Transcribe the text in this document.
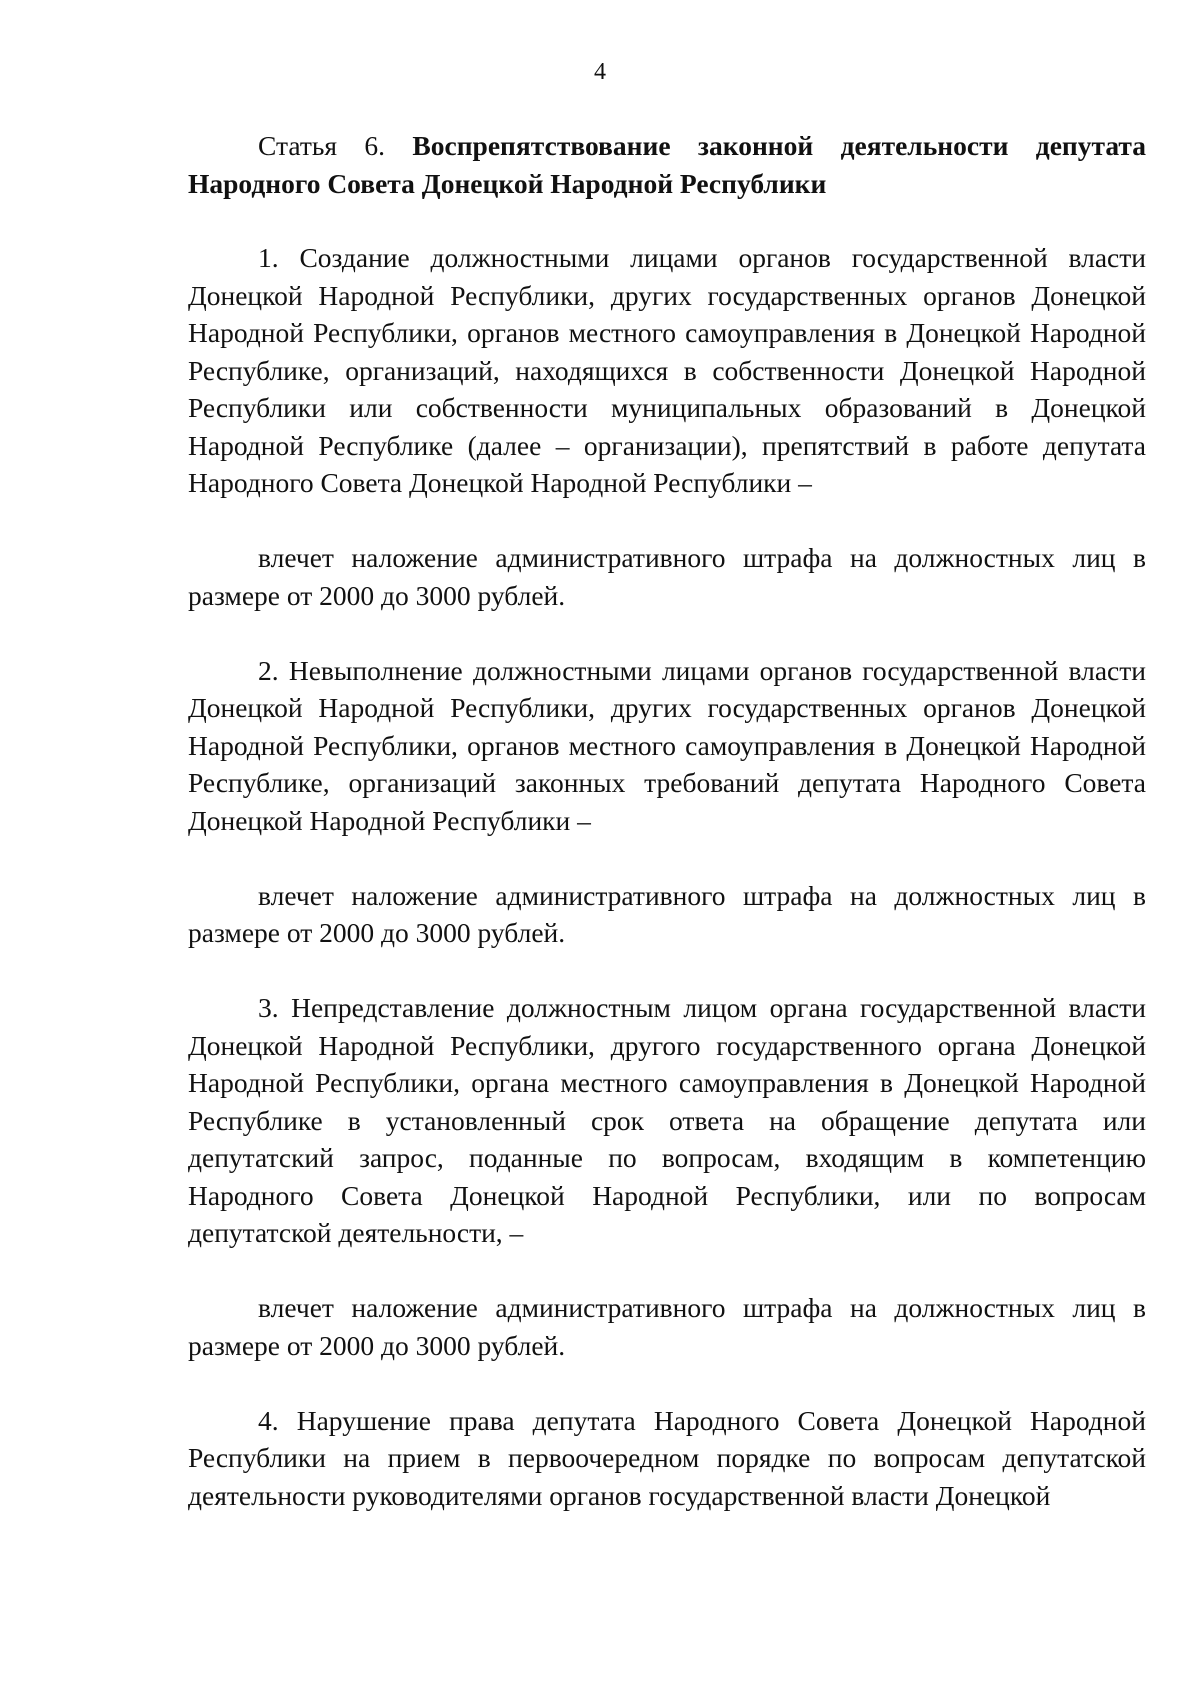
4

Статья 6. Воспрепятствование законной деятельности депутата Народного Совета Донецкой Народной Республики

1. Создание должностными лицами органов государственной власти Донецкой Народной Республики, других государственных органов Донецкой Народной Республики, органов местного самоуправления в Донецкой Народной Республике, организаций, находящихся в собственности Донецкой Народной Республики или собственности муниципальных образований в Донецкой Народной Республике (далее – организации), препятствий в работе депутата Народного Совета Донецкой Народной Республики –

влечет наложение административного штрафа на должностных лиц в размере от 2000 до 3000 рублей.

2. Невыполнение должностными лицами органов государственной власти Донецкой Народной Республики, других государственных органов Донецкой Народной Республики, органов местного самоуправления в Донецкой Народной Республике, организаций законных требований депутата Народного Совета Донецкой Народной Республики –

влечет наложение административного штрафа на должностных лиц в размере от 2000 до 3000 рублей.

3. Непредставление должностным лицом органа государственной власти Донецкой Народной Республики, другого государственного органа Донецкой Народной Республики, органа местного самоуправления в Донецкой Народной Республике в установленный срок ответа на обращение депутата или депутатский запрос, поданные по вопросам, входящим в компетенцию Народного Совета Донецкой Народной Республики, или по вопросам депутатской деятельности, –

влечет наложение административного штрафа на должностных лиц в размере от 2000 до 3000 рублей.

4. Нарушение права депутата Народного Совета Донецкой Народной Республики на прием в первоочередном порядке по вопросам депутатской деятельности руководителями органов государственной власти Донецкой
